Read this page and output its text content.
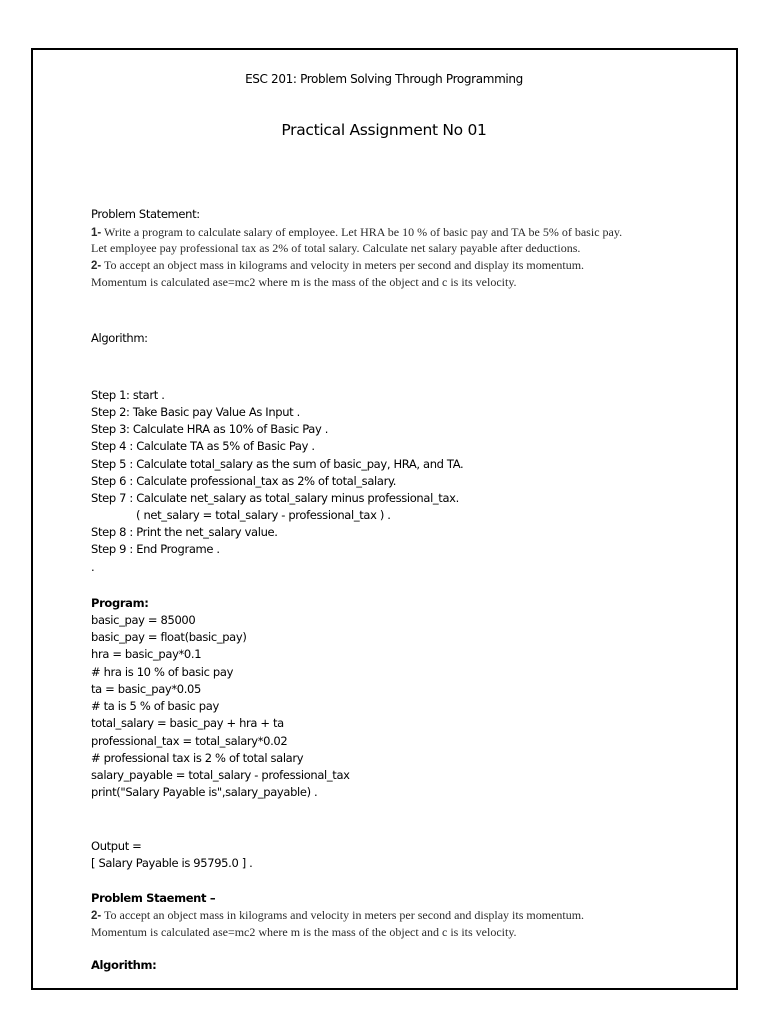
ESC 201: Problem Solving Through Programming
Practical Assignment No 01
Problem Statement:
1- Write a program to calculate salary of employee. Let HRA be 10 % of basic pay and TA be 5% of basic pay.
Let employee pay professional tax as 2% of total salary. Calculate net salary payable after deductions.
2- To accept an object mass in kilograms and velocity in meters per second and display its momentum.
Momentum is calculated ase=mc2 where m is the mass of the object and c is its velocity.
Algorithm:
Step 1: start .
Step 2: Take Basic pay Value As Input .
Step 3: Calculate HRA as 10% of Basic Pay .
Step 4 : Calculate TA as 5% of Basic Pay .
Step 5 : Calculate total_salary as the sum of basic_pay, HRA, and TA.
Step 6 : Calculate professional_tax as 2% of total_salary.
Step 7 : Calculate net_salary as total_salary minus professional_tax.
( net_salary = total_salary - professional_tax ) .
Step 8 : Print the net_salary value.
Step 9 : End Programe .
.
Program:
basic_pay = 85000
basic_pay = float(basic_pay)
hra = basic_pay*0.1
# hra is 10 % of basic pay
ta = basic_pay*0.05
# ta is 5 % of basic pay
total_salary = basic_pay + hra + ta
professional_tax = total_salary*0.02
# professional tax is 2 % of total salary
salary_payable = total_salary - professional_tax
print("Salary Payable is",salary_payable) .
Output =
[ Salary Payable is 95795.0 ] .
Problem Staement –
2- To accept an object mass in kilograms and velocity in meters per second and display its momentum.
Momentum is calculated ase=mc2 where m is the mass of the object and c is its velocity.
Algorithm:
